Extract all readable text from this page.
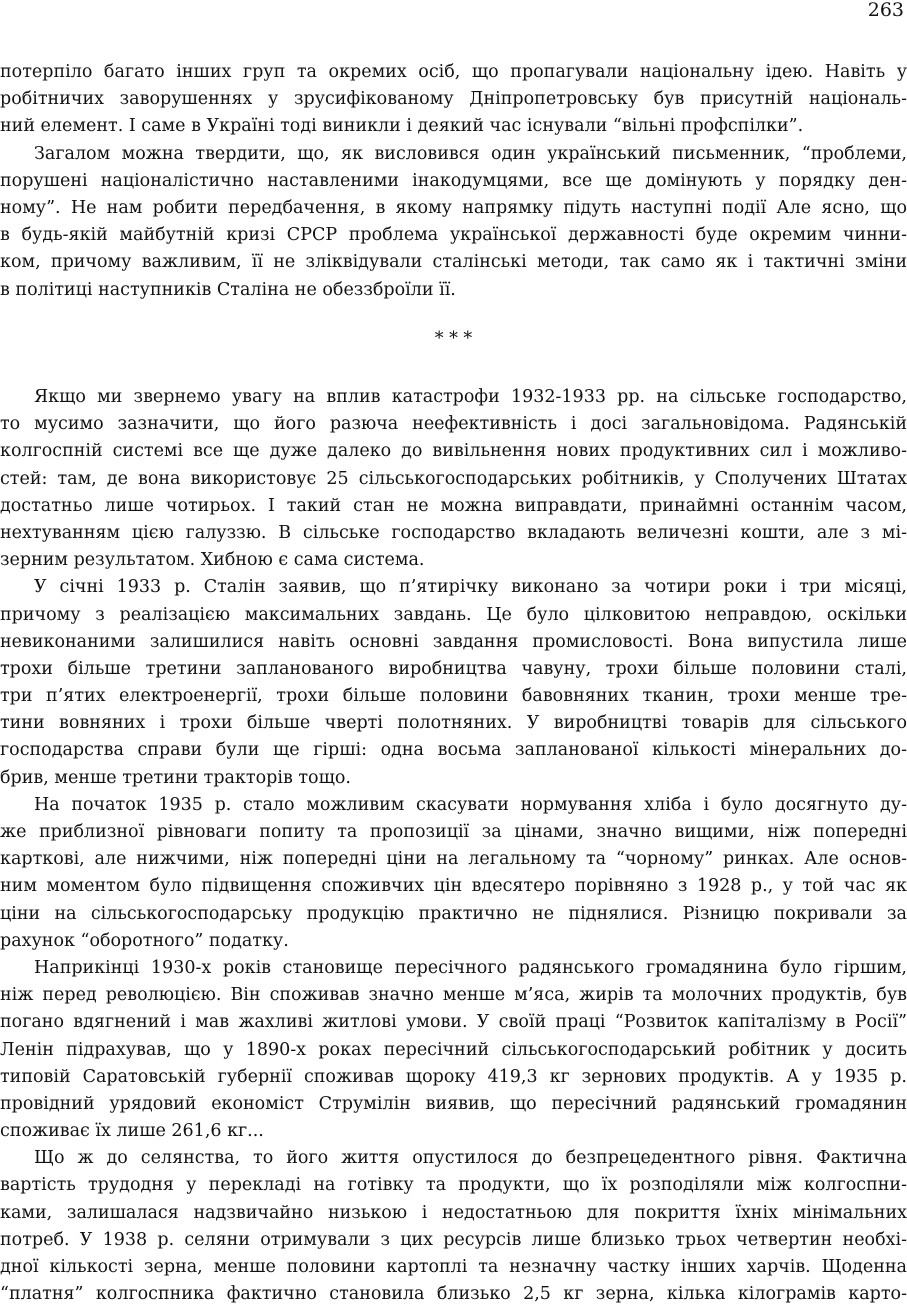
263
потерпіло багато інших груп та окремих осіб, що пропагували національну ідею. Навіть у
робітничих заворушеннях у зрусифікованому Дніпропетровську був присутній національ-
ний елемент. І саме в Україні тоді виникли і деякий час існували “вільні профспілки”.
Загалом можна твердити, що, як висловився один український письменник, “проблеми,
порушені націоналістично наставленими інакодумцями, все ще домінують у порядку ден-
ному”. Не нам робити передбачення, в якому напрямку підуть наступні події Але ясно, що
в будь-якій майбутній кризі СРСР проблема української державності буде окремим чинни-
ком, причому важливим, її не зліквідували сталінські методи, так само як і тактичні зміни
в політиці наступників Сталіна не обеззброїли її.
* * *
Якщо ми звернемо увагу на вплив катастрофи 1932-1933 рр. на сільське господарство,
то мусимо зазначити, що його разюча неефективність і досі загальновідома. Радянській
колгоспній системі все ще дуже далеко до вивільнення нових продуктивних сил і можливо-
стей: там, де вона використовує 25 сільськогосподарських робітників, у Сполучених Штатах
достатньо лише чотирьох. І такий стан не можна виправдати, принаймні останнім часом,
нехтуванням цією галуззю. В сільське господарство вкладають величезні кошти, але з мі-
зерним результатом. Хибною є сама система.
У січні 1933 р. Сталін заявив, що п’ятирічку виконано за чотири роки і три місяці,
причому з реалізацією максимальних завдань. Це було цілковитою неправдою, оскільки
невиконаними залишилися навіть основні завдання промисловості. Вона випустила лише
трохи більше третини запланованого виробництва чавуну, трохи більше половини сталі,
три п’ятих електроенергії, трохи більше половини бавовняних тканин, трохи менше тре-
тини вовняних і трохи більше чверті полотняних. У виробництві товарів для сільського
господарства справи були ще гірші: одна восьма запланованої кількості мінеральних до-
брив, менше третини тракторів тощо.
На початок 1935 р. стало можливим скасувати нормування хліба і було досягнуто ду-
же приблизної рівноваги попиту та пропозиції за цінами, значно вищими, ніж попередні
карткові, але нижчими, ніж попередні ціни на легальному та “чорному” ринках. Але основ-
ним моментом було підвищення споживчих цін вдесятеро порівняно з 1928 р., у той час як
ціни на сільськогосподарську продукцію практично не піднялися. Різницю покривали за
рахунок “оборотного” податку.
Наприкінці 1930-х років становище пересічного радянського громадянина було гіршим,
ніж перед революцією. Він споживав значно менше м’яса, жирів та молочних продуктів, був
погано вдягнений і мав жахливі житлові умови. У своїй праці “Розвиток капіталізму в Росії”
Ленін підрахував, що у 1890-х роках пересічний сільськогосподарський робітник у досить
типовій Саратовській губернії споживав щороку 419,3 кг зернових продуктів. А у 1935 р.
провідний урядовий економіст Струмілін виявив, що пересічний радянський громадянин
споживає їх лише 261,6 кг...
Що ж до селянства, то його життя опустилося до безпрецедентного рівня. Фактична
вартість трудодня у перекладі на готівку та продукти, що їх розподіляли між колгоспни-
ками, залишалася надзвичайно низькою і недостатньою для покриття їхніх мінімальних
потреб. У 1938 р. селяни отримували з цих ресурсів лише близько трьох четвертин необхі-
дної кількості зерна, менше половини картоплі та незначну частку інших харчів. Щоденна
“платня” колгоспника фактично становила близько 2,5 кг зерна, кілька кілограмів карто-
